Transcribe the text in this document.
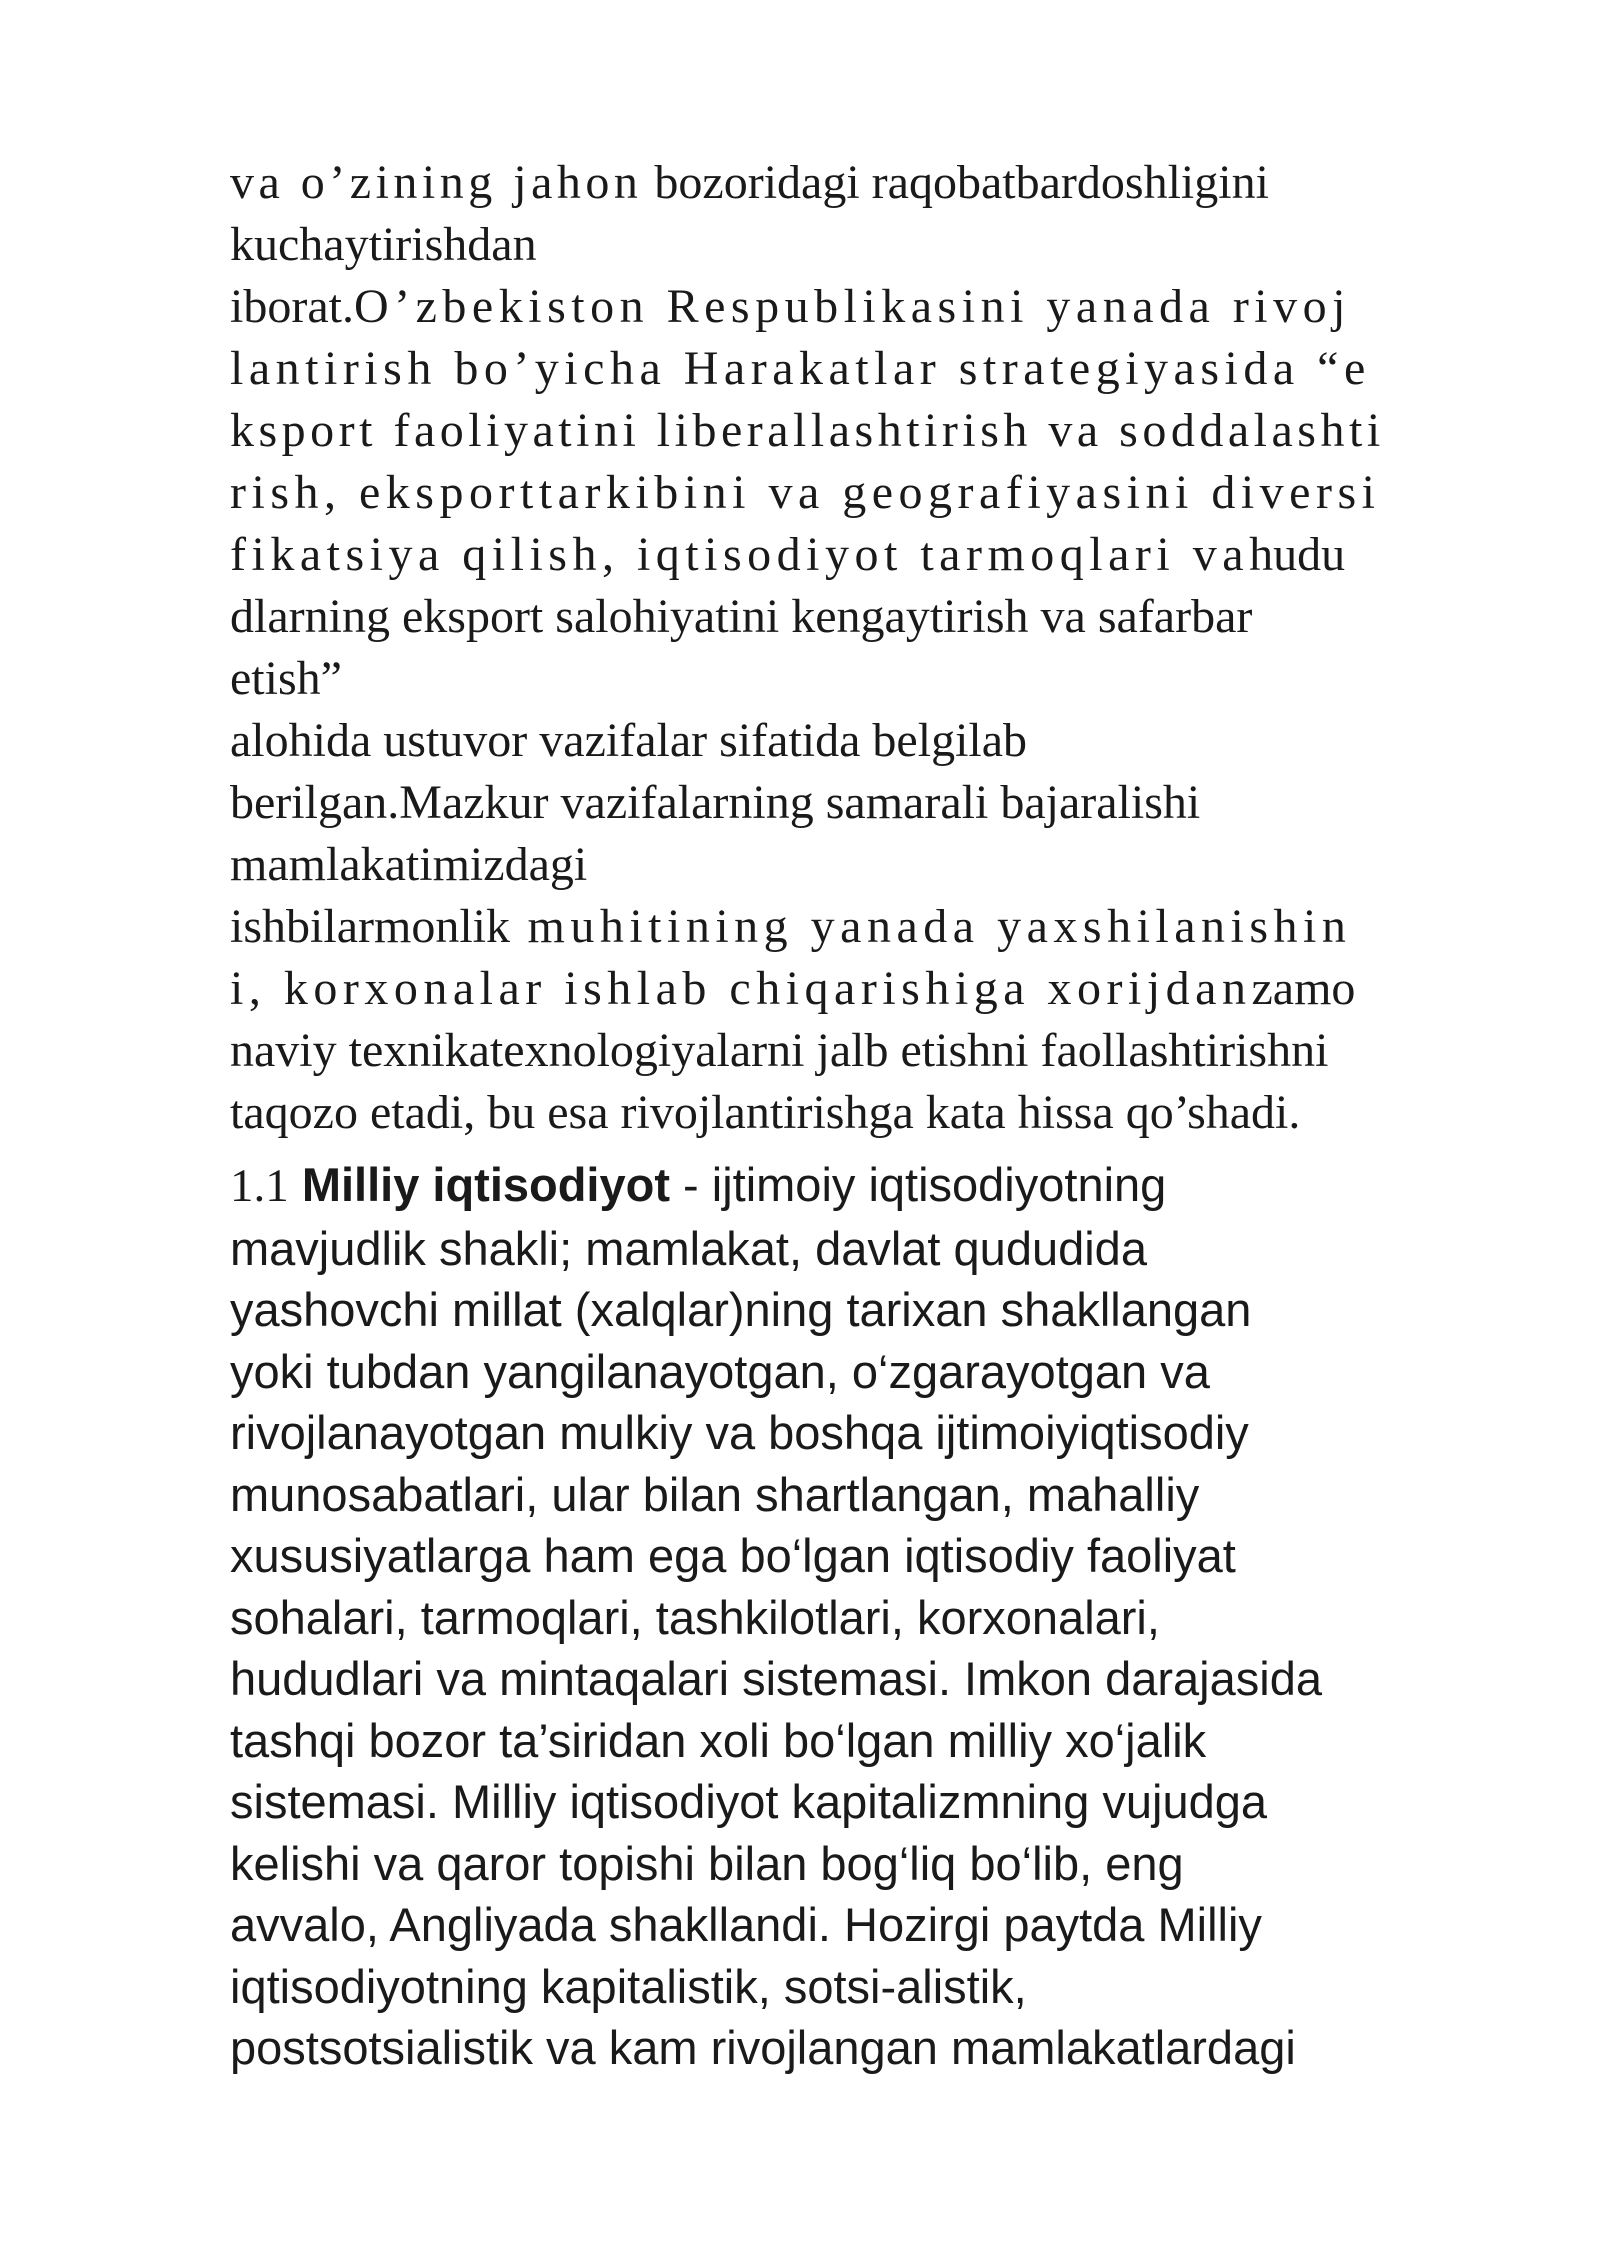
va o’zining jahon bozoridagi raqobatbardoshligini
kuchaytirishdan
iborat.O’zbekiston Respublikasini yanada rivoj
lantirish bo’yicha Harakatlar strategiyasida “e
ksport faoliyatini liberallashtirish va soddalashti
rish, eksporttarkibini va geografiyasini diversi
fikatsiya qilish, iqtisodiyot tarmoqlari vahudu
dlarning eksport salohiyatini kengaytirish va safarbar
etish”
alohida ustuvor vazifalar sifatida belgilab
berilgan.Mazkur vazifalarning samarali bajaralishi
mamlakatimizdagi
ishbilarmonlik muhitining yanada yaxshilanishin
i, korxonalar ishlab chiqarishiga xorijdanzamo
naviy texnikatexnologiyalarni jalb etishni faollashtirishni
taqozo etadi, bu esa rivojlantirishga kata hissa qo’shadi.
1.1 Milliy iqtisodiyot - ijtimoiy iqtisodiyotning
mavjudlik shakli; mamlakat, davlat qududida
yashovchi millat (xalqlar)ning tarixan shakllangan
yoki tubdan yangilanayotgan, o‘zgarayotgan va
rivojlanayotgan mulkiy va boshqa ijtimoiyiqtisodiy
munosabatlari, ular bilan shartlangan, mahalliy
xususiyatlarga ham ega bo‘lgan iqtisodiy faoliyat
sohalari, tarmoqlari, tashkilotlari, korxonalari,
hududlari va mintaqalari sistemasi. Imkon darajasida
tashqi bozor ta’siridan xoli bo‘lgan milliy xo‘jalik
sistemasi. Milliy iqtisodiyot kapitalizmning vujudga
kelishi va qaror topishi bilan bog‘liq bo‘lib, eng
avvalo, Angliyada shakllandi. Hozirgi paytda Milliy
iqtisodiyotning kapitalistik, sotsi-alistik,
postsotsialistik va kam rivojlangan mamlakatlardagi
